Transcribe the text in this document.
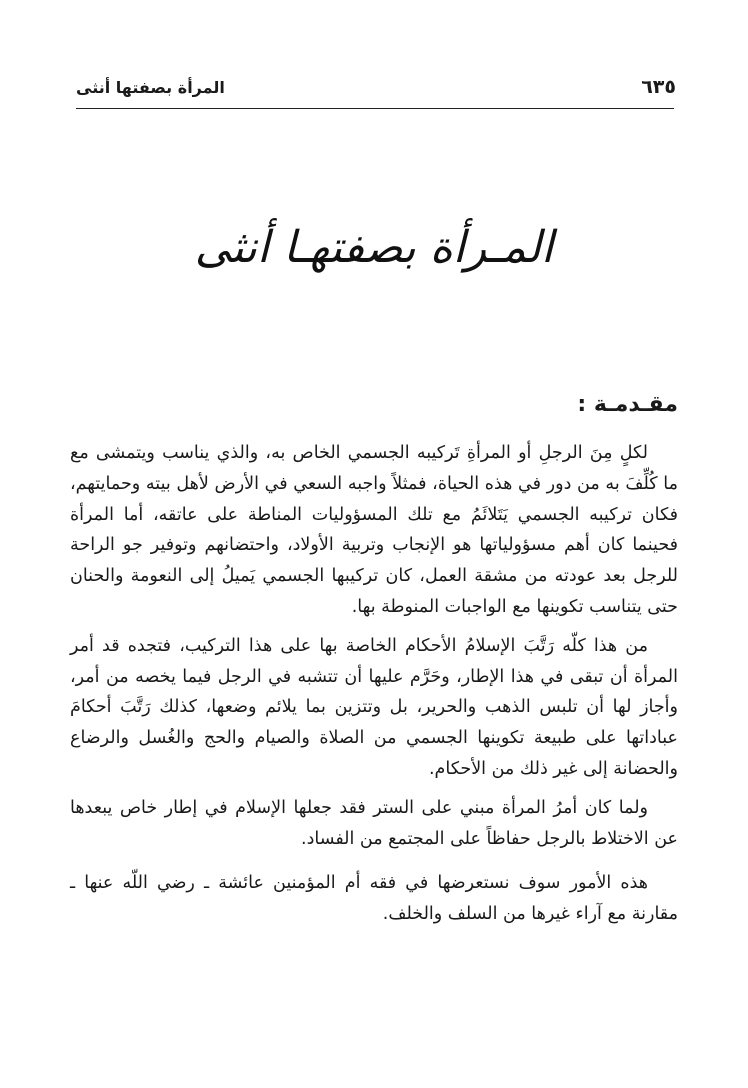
٦٣٥
المرأة بصفتها أنثى
المـرأة بصفتهـا أنثى
مقـدمـة :

لكلٍ مِنَ الرجلِ أو المرأةِ تَركيبه الجسمي الخاص به، والذي يناسب ويتمشى مع ما كُلِّفَ به من دور في هذه الحياة، فمثلاً واجبه السعي في الأرض لأهل بيته وحمايتهم، فكان تركيبه الجسمي يَتَلائَمُ مع تلك المسؤوليات المناطة على عاتقه، أما المرأة فحينما كان أهم مسؤولياتها هو الإنجاب وتربية الأولاد، واحتضانهم وتوفير جو الراحة للرجل بعد عودته من مشقة العمل، كان تركيبها الجسمي يَميلُ إلى النعومة والحنان حتى يتناسب تكوينها مع الواجبات المنوطة بها.

من هذا كلّه رَتَّبَ الإسلامُ الأحكام الخاصة بها على هذا التركيب، فتجده قد أمر المرأة أن تبقى في هذا الإطار، وحَرَّم عليها أن تتشبه في الرجل فيما يخصه من أمر، وأجاز لها أن تلبس الذهب والحرير، بل وتتزين بما يلائم وضعها، كذلك رَتَّبَ أحكامَ عباداتها على طبيعة تكوينها الجسمي من الصلاة والصيام والحج والغُسل والرضاع والحضانة إلى غير ذلك من الأحكام.

ولما كان أمرُ المرأة مبني على الستر فقد جعلها الإسلام في إطار خاص يبعدها عن الاختلاط بالرجل حفاظاً على المجتمع من الفساد.

هذه الأمور سوف نستعرضها في فقه أم المؤمنين عائشة ـ رضي اللّه عنها ـ مقارنة مع آراء غيرها من السلف والخلف.
